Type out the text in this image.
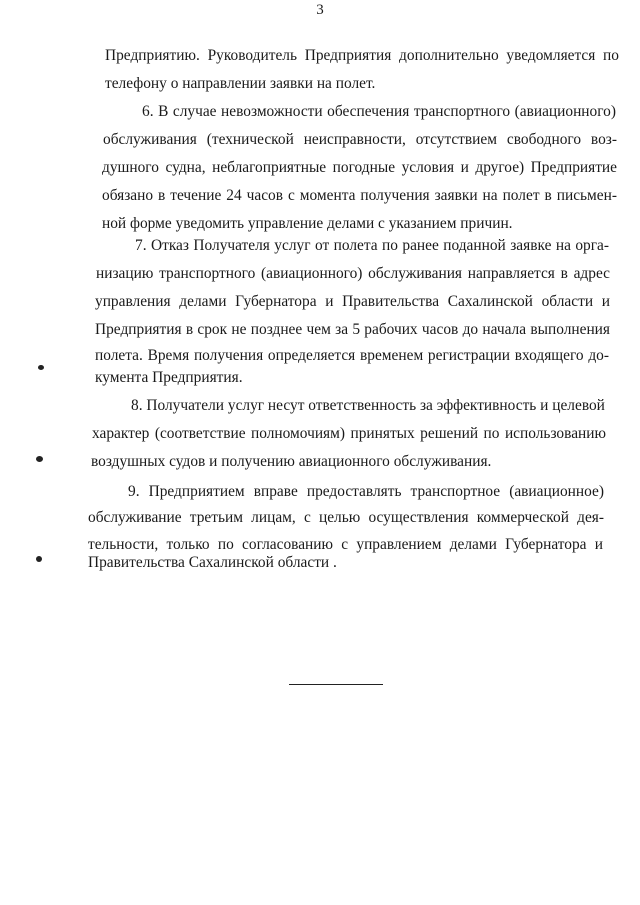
3
Предприятию. Руководитель Предприятия дополнительно уведомляется по
телефону о направлении заявки на полет.
6. В случае невозможности обеспечения транспортного (авиационного)
обслуживания (технической неисправности, отсутствием свободного воз-
душного судна, неблагоприятные погодные условия и другое) Предприятие
обязано в течение 24 часов с момента получения заявки на полет в письмен-
ной форме уведомить управление делами с указанием причин.
7. Отказ Получателя услуг от полета по ранее поданной заявке на орга-
низацию транспортного (авиационного) обслуживания направляется в адрес
управления делами Губернатора и Правительства Сахалинской области и
Предприятия в срок не позднее чем за 5 рабочих часов до начала выполнения
полета. Время получения определяется временем регистрации входящего до-
кумента Предприятия.
8. Получатели услуг несут ответственность за эффективность и целевой
характер (соответствие полномочиям) принятых решений по использованию
воздушных судов и получению авиационного обслуживания.
9. Предприятием вправе предоставлять транспортное (авиационное)
обслуживание третьим лицам, с целью осуществления коммерческой дея-
тельности, только по согласованию с управлением делами Губернатора и
Правительства Сахалинской области .
